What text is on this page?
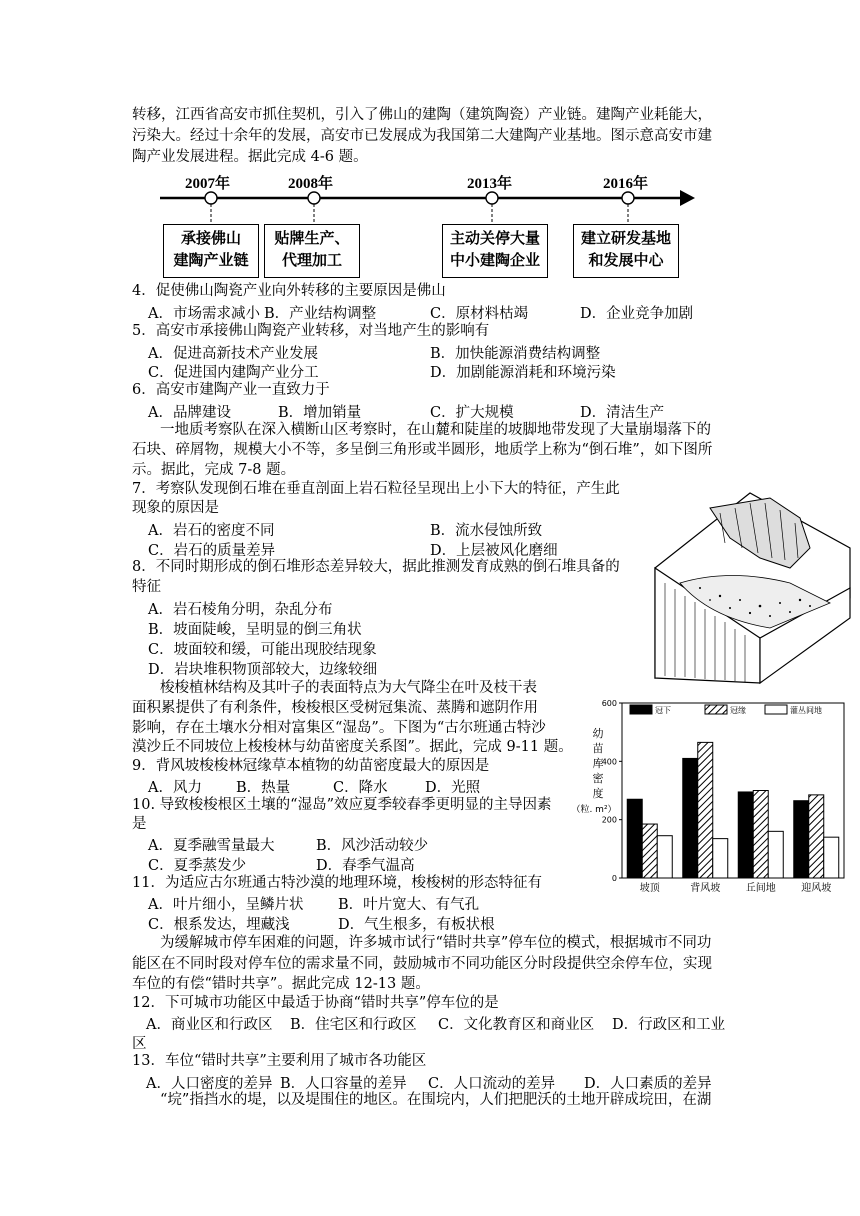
转移，江西省高安市抓住契机，引入了佛山的建陶（建筑陶瓷）产业链。建陶产业耗能大，
污染大。经过十余年的发展，高安市已发展成为我国第二大建陶产业基地。图示意高安市建
陶产业发展进程。据此完成 4-6 题。
2007年	2008年	2013年	2016年
承接佛山
建陶产业链
贴牌生产、
代理加工
主动关停大量
中小建陶企业
建立研发基地
和发展中心
4．促使佛山陶瓷产业向外转移的主要原因是佛山
A．市场需求减小 B．产业结构调整	C．原材料枯竭	D．企业竞争加剧
5．高安市承接佛山陶瓷产业转移，对当地产生的影响有
A．促进高新技术产业发展	B．加快能源消费结构调整
C．促进国内建陶产业分工	D．加剧能源消耗和环境污染
6．高安市建陶产业一直致力于
A．品牌建设	B．增加销量	C．扩大规模	D．清洁生产
一地质考察队在深入横断山区考察时，在山麓和陡崖的坡脚地带发现了大量崩塌落下的
石块、碎屑物，规模大小不等，多呈倒三角形或半圆形，地质学上称为“倒石堆”，如下图所
示。据此，完成 7-8 题。
7．考察队发现倒石堆在垂直剖面上岩石粒径呈现出上小下大的特征，产生此
现象的原因是
A．岩石的密度不同	B．流水侵蚀所致
C．岩石的质量差异	D．上层被风化磨细
8．不同时期形成的倒石堆形态差异较大，据此推测发育成熟的倒石堆具备的
特征
A．岩石棱角分明，杂乱分布
B．坡面陡峻，呈明显的倒三角状
C．坡面较和缓，可能出现胶结现象
D．岩块堆积物顶部较大，边缘较细
梭梭植林结构及其叶子的表面特点为大气降尘在叶及枝干表
面积累提供了有利条件，梭梭根区受树冠集流、蒸腾和遮阴作用
影响，存在土壤水分相对富集区“湿岛”。下图为“古尔班通古特沙
漠沙丘不同坡位上梭梭林与幼苗密度关系图”。据此，完成 9-11 题。
9．背风坡梭梭林冠缘草本植物的幼苗密度最大的原因是
A．风力 B．热量	C．降水	D．光照
10. 导致梭梭根区土壤的“湿岛”效应夏季较春季更明显的主导因素
是
A．夏季融雪量最大	B．风沙活动较少
C．夏季蒸发少	D．春季气温高
11．为适应古尔班通古特沙漠的地理环境，梭梭树的形态特征有
A．叶片细小，呈鳞片状 B．叶片宽大、有气孔
C．根系发达，埋藏浅	D．气生根多，有板状根
0
200
400
600
幼
苗
库
密
度
（粒. m²）
冠下	冠缘	灌丛间地
坡顶	背风坡	丘间地	迎风坡
为缓解城市停车困难的问题，许多城市试行“错时共享”停车位的模式，根据城市不同功
能区在不同时段对停车位的需求量不同，鼓励城市不同功能区分时段提供空余停车位，实现
车位的有偿“错时共享”。据此完成 12-13 题。
12．下可城市功能区中最适于协商“错时共享”停车位的是
A．商业区和行政区 B．住宅区和行政区 C．文化教育区和商业区 D．行政区和工业
区
13．车位“错时共享”主要利用了城市各功能区
A．人口密度的差异 B．人口容量的差异 C．人口流动的差异 D．人口素质的差异
“垸”指挡水的堤，以及堤围住的地区。在围垸内，人们把肥沃的土地开辟成垸田，在湖
